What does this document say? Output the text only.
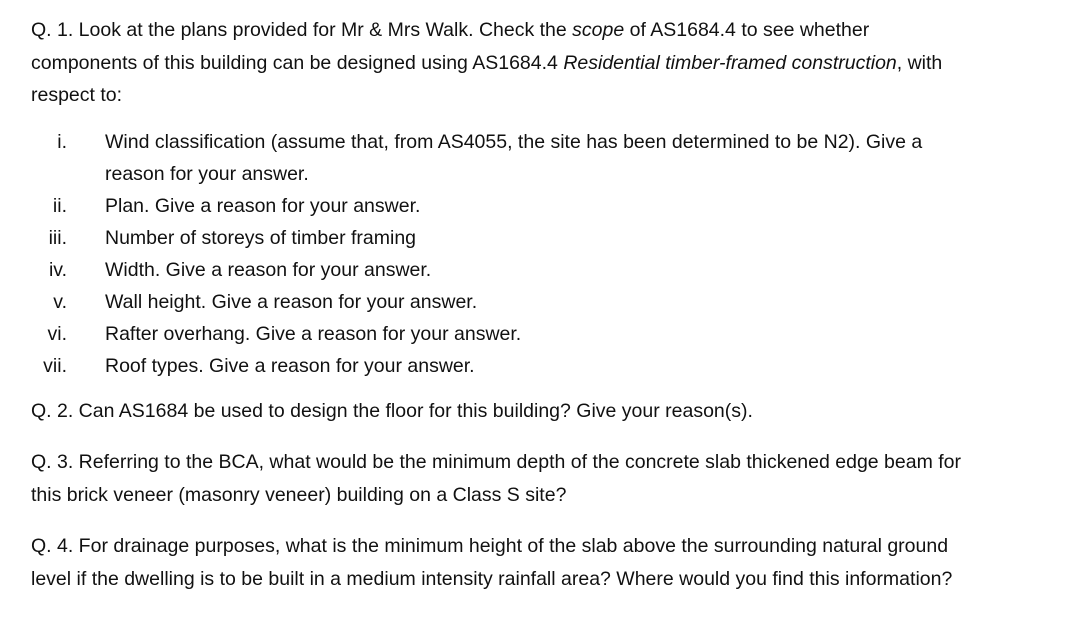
Q. 1. Look at the plans provided for Mr & Mrs Walk. Check the scope of AS1684.4 to see whether components of this building can be designed using AS1684.4 Residential timber-framed construction, with respect to:

i. Wind classification (assume that, from AS4055, the site has been determined to be N2). Give a reason for your answer.
ii. Plan. Give a reason for your answer.
iii. Number of storeys of timber framing
iv. Width. Give a reason for your answer.
v. Wall height. Give a reason for your answer.
vi. Rafter overhang. Give a reason for your answer.
vii. Roof types. Give a reason for your answer.

Q. 2. Can AS1684 be used to design the floor for this building? Give your reason(s).

Q. 3. Referring to the BCA, what would be the minimum depth of the concrete slab thickened edge beam for this brick veneer (masonry veneer) building on a Class S site?

Q. 4. For drainage purposes, what is the minimum height of the slab above the surrounding natural ground level if the dwelling is to be built in a medium intensity rainfall area? Where would you find this information?
